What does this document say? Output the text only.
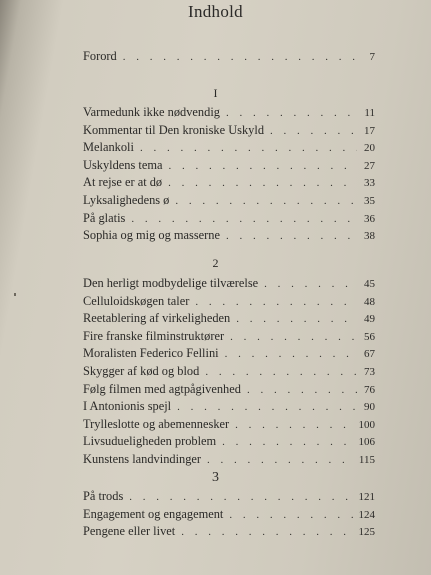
Indhold
Forord . . .	7
I
Varmedunk ikke nødvendig . . .	11
Kommentar til Den kroniske Uskyld . . .	17
Melankoli . . .	20
Uskyldens tema . . .	27
At rejse er at dø . . .	33
Lyksalighedens ø . . .	35
På glatis . . .	36
Sophia og mig og masserne . . .	38
2
Den herligt modbydelige tilværelse . . .	45
Celluloidskøgen taler . . .	48
Reetablering af virkeligheden . . .	49
Fire franske filminstruktører . . .	56
Moralisten Federico Fellini . . .	67
Skygger af kød og blod . . .	73
Følg filmen med agtpågivenhed . . .	76
I Antonionis spejl . . .	90
Trylleslotte og abemennesker . . .	100
Livsudueligheden problem . . .	106
Kunstens landvindinger . . .	115
3
På trods . . .	121
Engagement og engagement . . .	124
Pengene eller livet . . .	125
